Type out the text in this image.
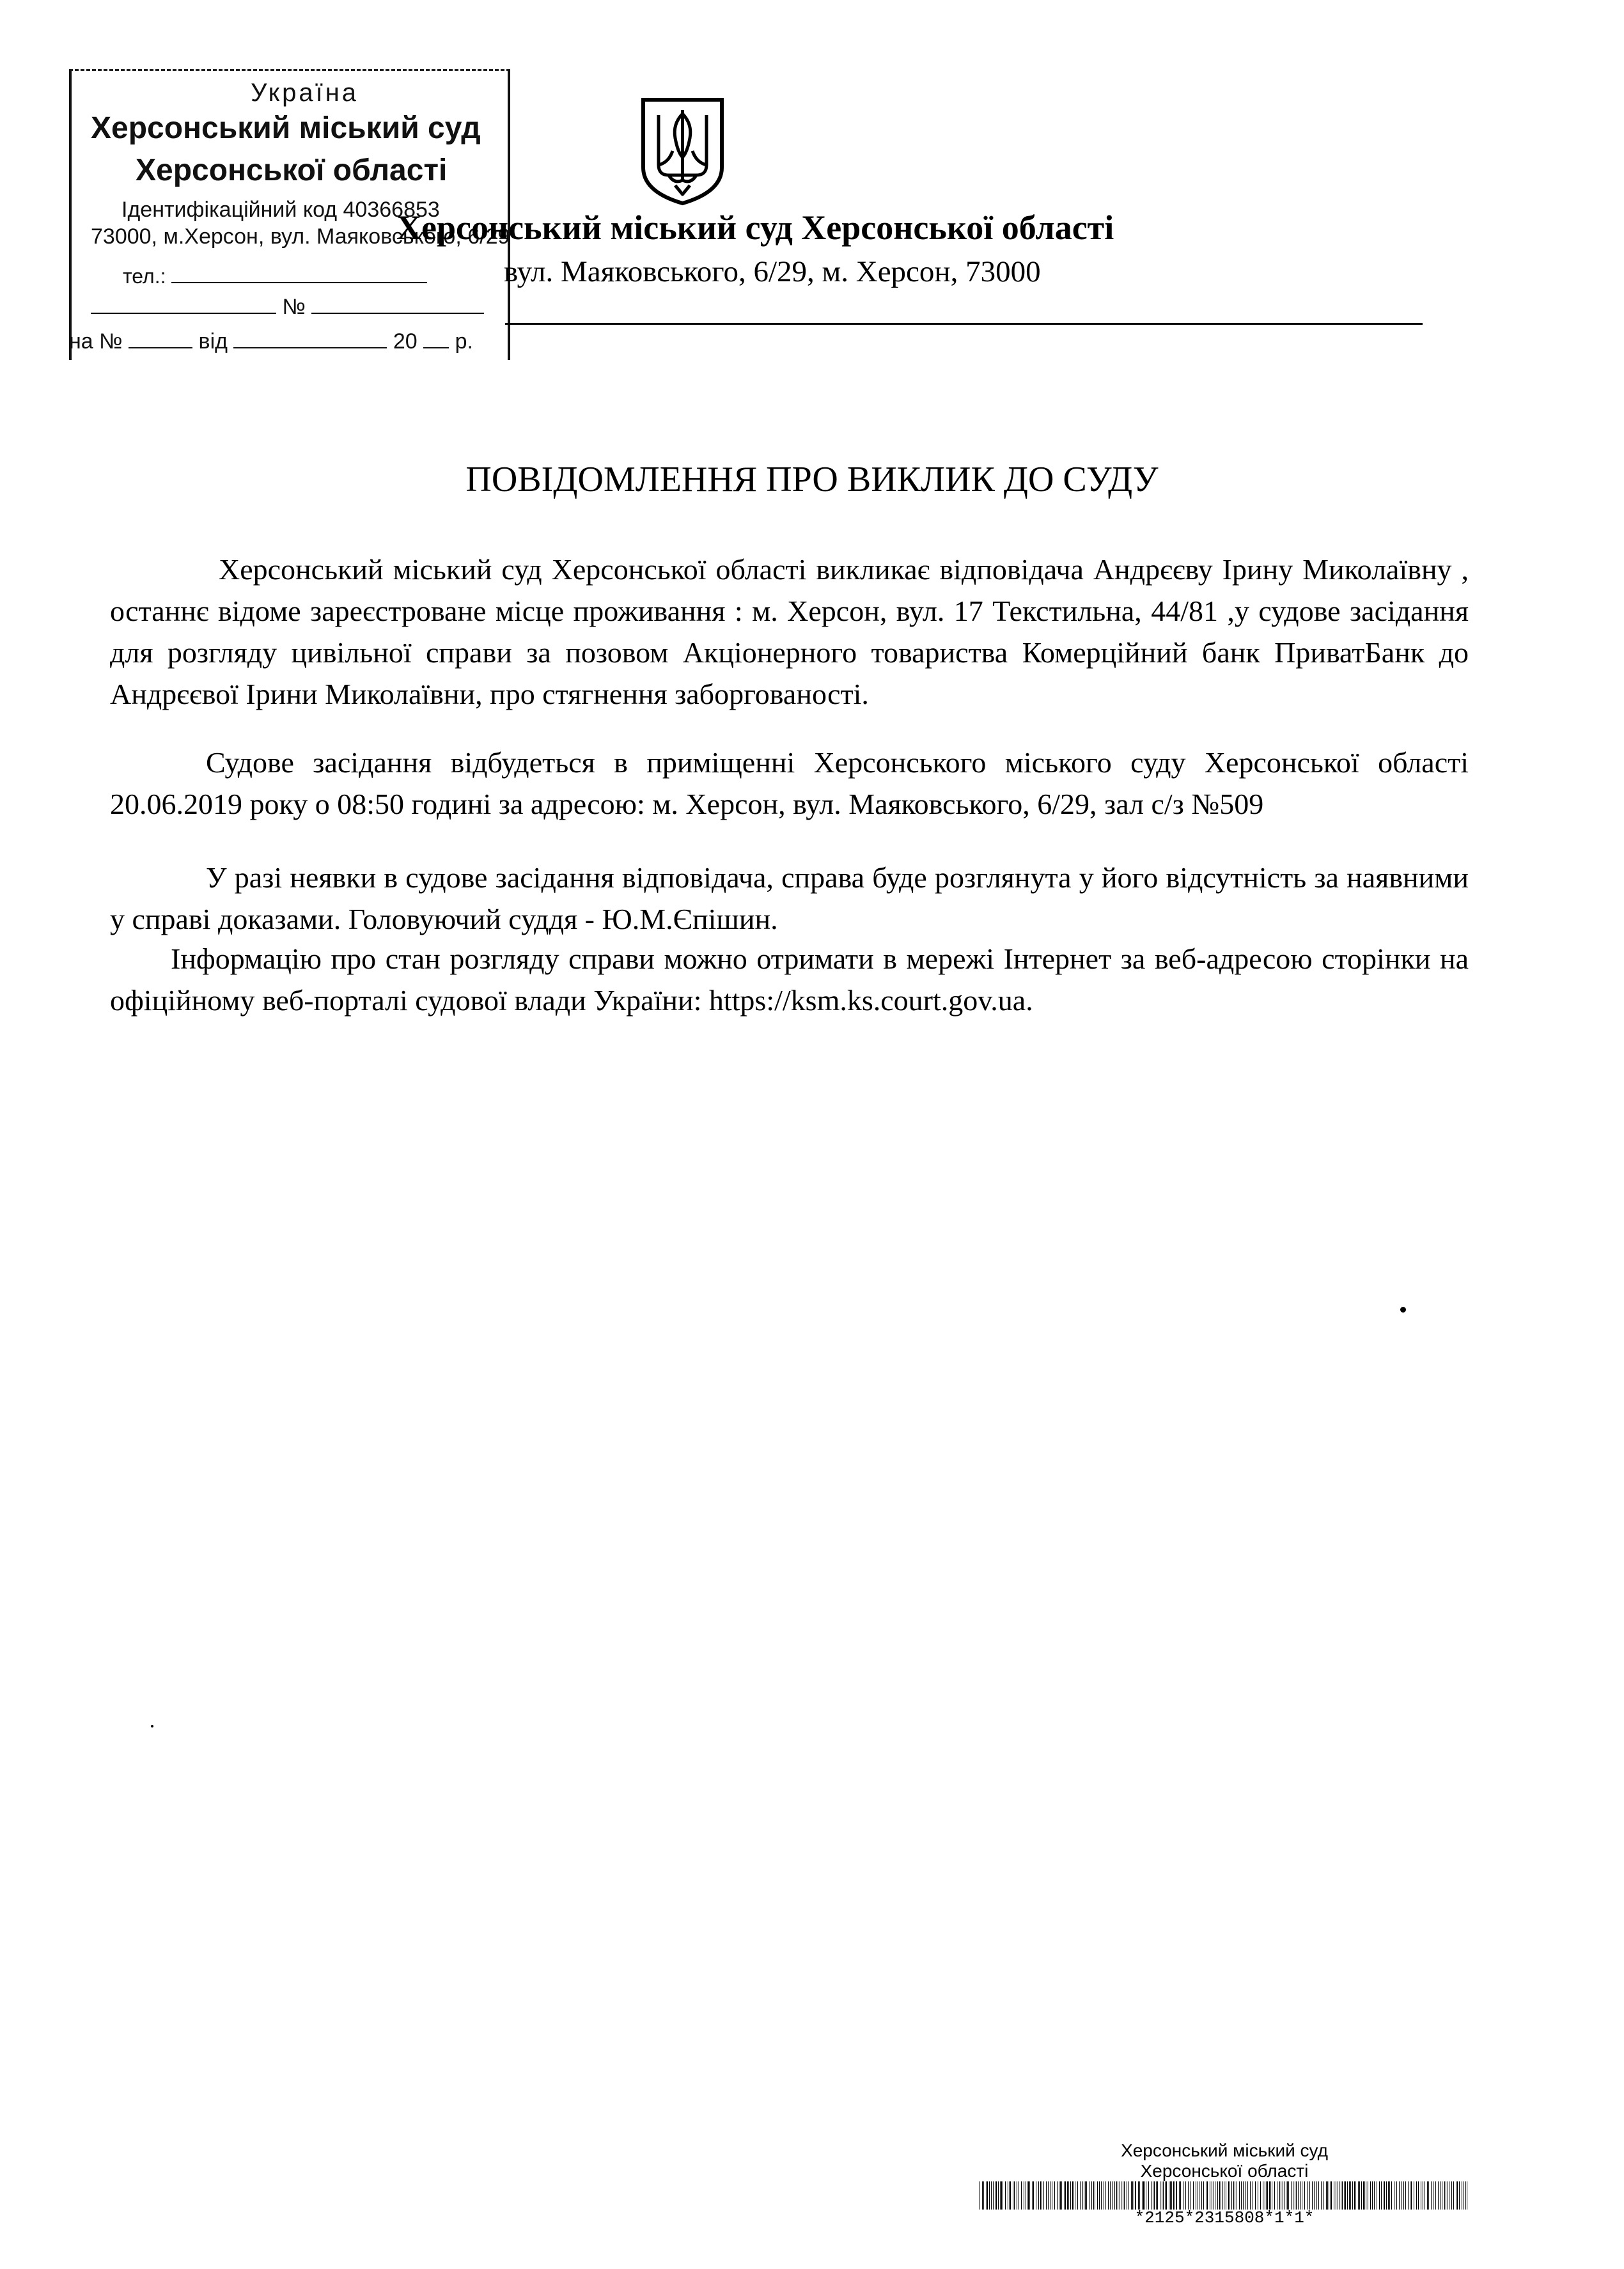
Україна
Херсонський міський суд
Херсонської області
Ідентифікаційний код 40366853
73000, м.Херсон, вул. Маяковського, 6/29
тел.:
№
на №	від	20 р.
Херсонський міський суд Херсонської області
вул. Маяковського, 6/29, м. Херсон, 73000
ПОВІДОМЛЕННЯ ПРО ВИКЛИК ДО СУДУ

Херсонський міський суд Херсонської області викликає відповідача Андрєєву Ірину Миколаївну , останнє відоме зареєстроване місце проживання : м. Херсон, вул. 17 Текстильна, 44/81 ,у судове засідання для розгляду цивільної справи за позовом Акціонерного товариства Комерційний банк ПриватБанк до Андрєєвої Ірини Миколаївни, про стягнення заборгованості.

Судове засідання відбудеться в приміщенні Херсонського міського суду Херсонської області 20.06.2019 року о 08:50 годині за адресою: м. Херсон, вул. Маяковського, 6/29, зал с/з №509

У разі неявки в судове засідання відповідача, справа буде розглянута у його відсутність за наявними у справі доказами. Головуючий суддя - Ю.М.Єпішин.

Інформацію про стан розгляду справи можно отримати в мережі Інтернет за веб-адресою сторінки на офіційному веб-порталі судової влади України: https://ksm.ks.court.gov.ua.

Херсонський міський суд
Херсонської області
*2125*2315808*1*1*
